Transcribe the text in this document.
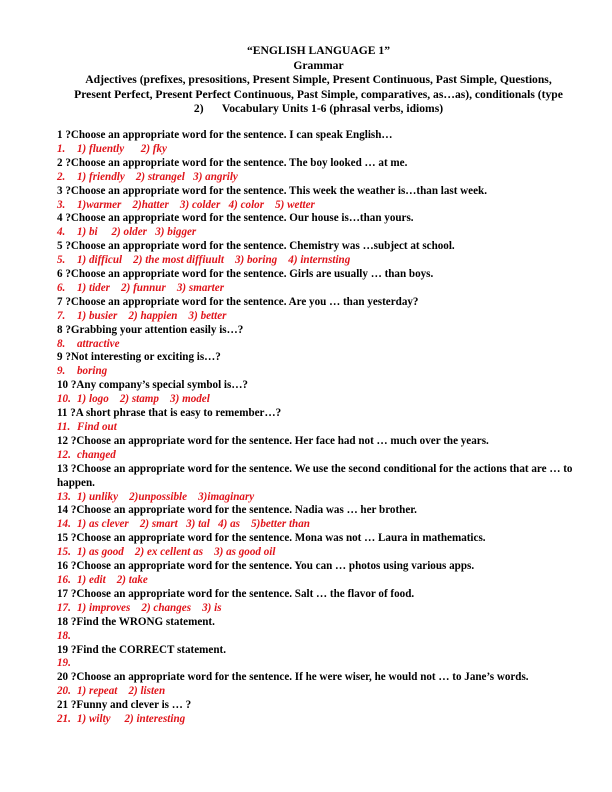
“ENGLISH LANGUAGE 1”
Grammar
Adjectives (prefixes, presositions, Present Simple, Present Continuous, Past Simple, Questions,
Present Perfect, Present Perfect Continuous, Past Simple, comparatives, as…as), conditionals (type
2) Vocabulary Units 1-6 (phrasal verbs, idioms)
1 ?Choose an appropriate word for the sentence. I can speak English…
1. 1) fluently      2) fky
2 ?Choose an appropriate word for the sentence. The boy looked … at me.
2. 1) friendly    2) strangel   3) angrily
3 ?Choose an appropriate word for the sentence. This week the weather is…than last week.
3. 1)warmer    2)hatter    3) colder   4) color    5) wetter
4 ?Choose an appropriate word for the sentence. Our house is…than yours.
4. 1) bi     2) older   3) bigger
5 ?Choose an appropriate word for the sentence. Chemistry was …subject at school.
5. 1) difficul    2) the most diffiuult    3) boring    4) internsting
6 ?Choose an appropriate word for the sentence. Girls are usually … than boys.
6. 1) tider    2) funnur    3) smarter
7 ?Choose an appropriate word for the sentence. Are you … than yesterday?
7. 1) busier    2) happien    3) better
8 ?Grabbing your attention easily is…?
8. attractive
9 ?Not interesting or exciting is…?
9. boring
10 ?Any company’s special symbol is…?
10. 1) logo    2) stamp    3) model
11 ?A short phrase that is easy to remember…?
11. Find out
12 ?Choose an appropriate word for the sentence. Her face had not … much over the years.
12. changed
13 ?Choose an appropriate word for the sentence. We use the second conditional for the actions that are … to happen.
13. 1) unliky    2)unpossible    3)imaginary
14 ?Choose an appropriate word for the sentence. Nadia was … her brother.
14. 1) as clever    2) smart   3) tal   4) as    5)better than
15 ?Choose an appropriate word for the sentence. Mona was not … Laura in mathematics.
15. 1) as good    2) ex cellent as    3) as good oil
16 ?Choose an appropriate word for the sentence. You can … photos using various apps.
16. 1) edit    2) take
17 ?Choose an appropriate word for the sentence. Salt … the flavor of food.
17. 1) improves    2) changes    3) is
18 ?Find the WRONG statement.
18.
19 ?Find the CORRECT statement.
19.
20 ?Choose an appropriate word for the sentence. If he were wiser, he would not … to Jane’s words.
20. 1) repeat    2) listen
21 ?Funny and clever is … ?
21. 1) wilty     2) interesting
